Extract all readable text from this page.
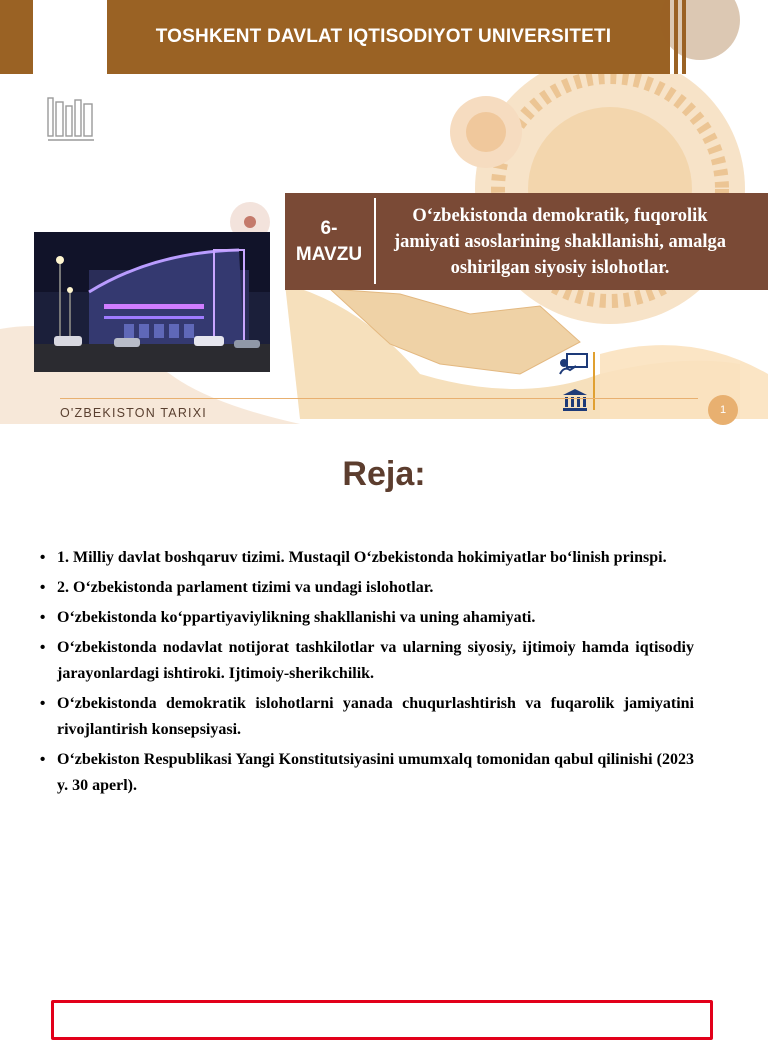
TOSHKENT DAVLAT IQTISODIYOT UNIVERSITETI
6-
MAVZU
O‘zbekistonda demokratik, fuqorolik jamiyati asoslarining shakllanishi, amalga oshirilgan siyosiy islohotlar.
O'ZBEKISTON TARIXI	1
Reja:
• 1. Milliy davlat boshqaruv tizimi. Mustaqil O‘zbekistonda hokimiyatlar bo‘linish prinspi.
• 2. O‘zbekistonda parlament tizimi va undagi islohotlar.
• O‘zbekistonda ko‘ppartiyaviylikning shakllanishi va uning ahamiyati.
• O‘zbekistonda nodavlat notijorat tashkilotlar va ularning siyosiy, ijtimoiy hamda iqtisodiy jarayonlardagi ishtiroki. Ijtimoiy-sherikchilik.
• O‘zbekistonda demokratik islohotlarni yanada chuqurlashtirish va fuqarolik jamiyatini rivojlantirish konsepsiyasi.
• O‘zbekiston Respublikasi Yangi Konstitutsiyasini umumxalq tomonidan qabul qilinishi (2023 y. 30 aperl).
